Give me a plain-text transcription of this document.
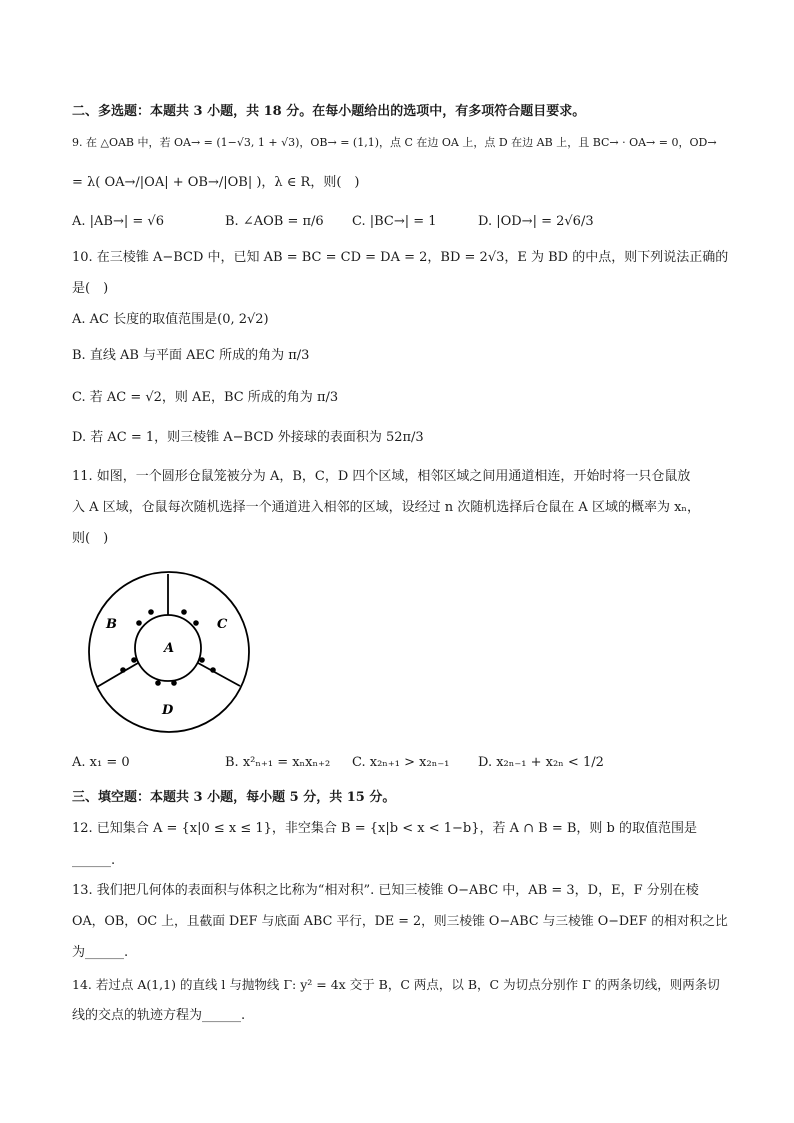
二、多选题：本题共 3 小题，共 18 分。在每小题给出的选项中，有多项符合题目要求。
9. 在 △OAB 中，若 OA→ = (1−√3, 1 + √3)，OB→ = (1,1)，点 C 在边 OA 上，点 D 在边 AB 上，且 BC→ · OA→ = 0，OD→
= λ( OA→/|OA| + OB→/|OB| )，λ ∈ R，则(　)
A. |AB→| = √6	B. ∠AOB = π/6 C. |BC→| = 1	D. |OD→| = 2√6/3
10. 在三棱锥 A−BCD 中，已知 AB = BC = CD = DA = 2，BD = 2√3，E 为 BD 的中点，则下列说法正确的
是(　)
A. AC 长度的取值范围是(0, 2√2)
B. 直线 AB 与平面 AEC 所成的角为 π/3
C. 若 AC = √2，则 AE，BC 所成的角为 π/3
D. 若 AC = 1，则三棱锥 A−BCD 外接球的表面积为 52π/3
11. 如图，一个圆形仓鼠笼被分为 A，B，C，D 四个区域，相邻区域之间用通道相连，开始时将一只仓鼠放
入 A 区域，仓鼠每次随机选择一个通道进入相邻的区域，设经过 n 次随机选择后仓鼠在 A 区域的概率为 xₙ，
则(　)
A
B	C
D
A. x₁ = 0	B. x²ₙ₊₁ = xₙxₙ₊₂ C. x₂ₙ₊₁ > x₂ₙ₋₁ D. x₂ₙ₋₁ + x₂ₙ < 1/2
三、填空题：本题共 3 小题，每小题 5 分，共 15 分。
12. 已知集合 A = {x|0 ≤ x ≤ 1}，非空集合 B = {x|b < x < 1−b}，若 A ∩ B = B，则 b 的取值范围是
______.
13. 我们把几何体的表面积与体积之比称为“相对积”. 已知三棱锥 O−ABC 中，AB = 3，D，E，F 分别在棱
OA，OB，OC 上，且截面 DEF 与底面 ABC 平行，DE = 2，则三棱锥 O−ABC 与三棱锥 O−DEF 的相对积之比
为______.
14. 若过点 A(1,1) 的直线 l 与抛物线 Γ: y² = 4x 交于 B，C 两点，以 B，C 为切点分别作 Γ 的两条切线，则两条切
线的交点的轨迹方程为______.
